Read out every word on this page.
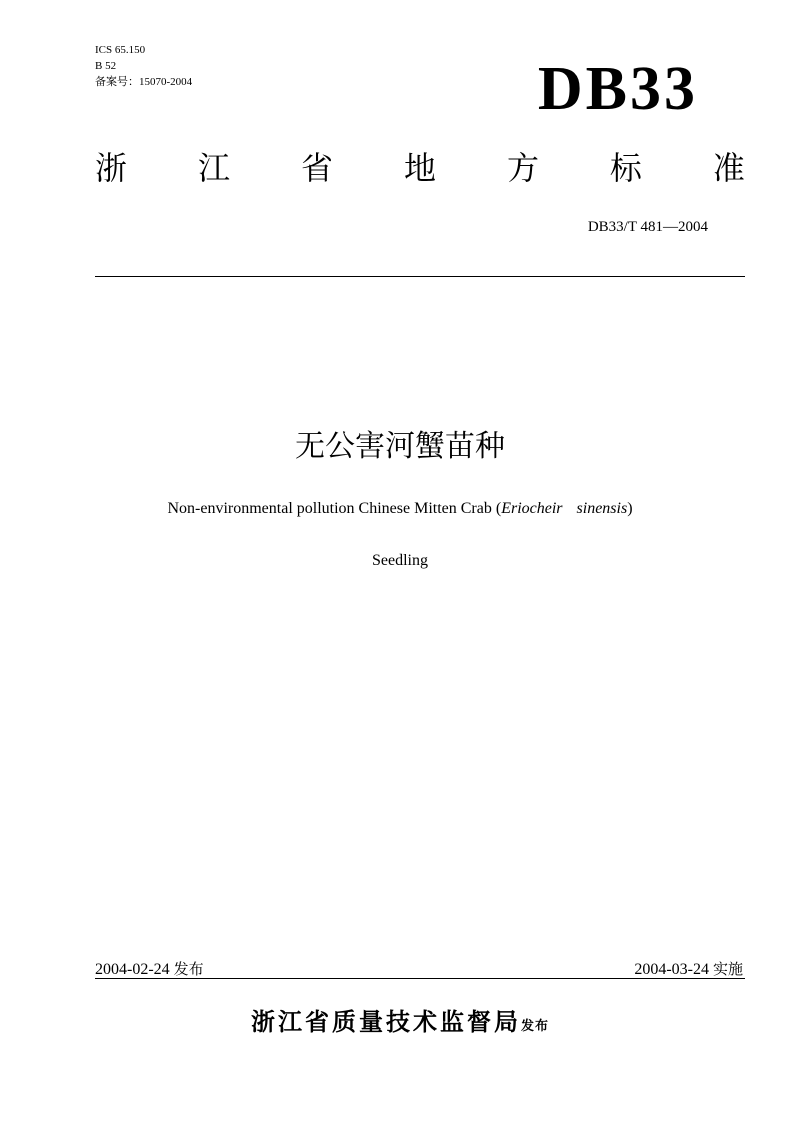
ICS 65.150
B 52
备案号：15070-2004	DB33
浙 江 省 地 方 标 准
DB33/T 481—2004
无公害河蟹苗种
Non-environmental pollution Chinese Mitten Crab (Eriocheir sinensis)
Seedling
2004-02-24 发布	2004-03-24 实施
浙江省质量技术监督局发布
